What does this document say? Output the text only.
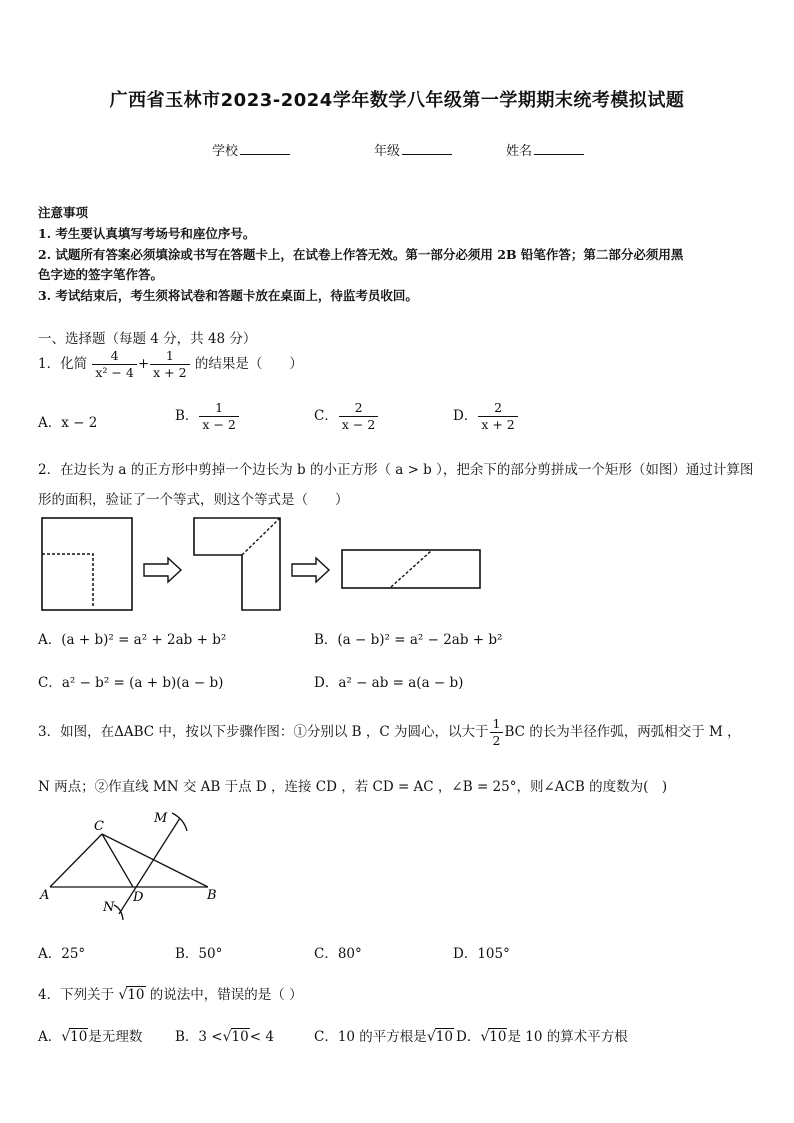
广西省玉林市2023-2024学年数学八年级第一学期期末统考模拟试题
学校	年级	姓名
注意事项
1. 考生要认真填写考场号和座位序号。
2. 试题所有答案必须填涂或书写在答题卡上，在试卷上作答无效。第一部分必须用 2B 铅笔作答；第二部分必须用黑
色字迹的签字笔作答。
3. 考试结束后，考生须将试卷和答题卡放在桌面上，待监考员收回。
一、选择题（每题 4 分，共 48 分）
1．化简 $\frac{4}{\text{x² − 4}} + \frac{1}{x + 2}$ 的结果是（　　）
A．x − 2	B． $\frac{1}{x - 2}$	C． $\frac{2}{x - 2}$	D． $\frac{2}{x + 2}$
2．在边长为 a 的正方形中剪掉一个边长为 b 的小正方形（ a > b ），把余下的部分剪拼成一个矩形（如图）通过计算图
形的面积，验证了一个等式，则这个等式是（　　）
A．(a + b)² = a² + 2ab + b²	B．(a − b)² = a² − 2ab + b²
C．a² − b² = (a + b)(a − b)	D．a² − ab = a(a − b)
3．如图，在ΔABC 中，按以下步骤作图：①分别以 B ，C 为圆心，以大于 $\frac{1}{2}$ BC 的长为半径作弧，两弧相交于 M ，
N 两点；②作直线 MN 交 AB 于点 D ，连接 CD ，若 CD = AC ，∠B = 25°，则∠ACB 的度数为(　)
A	B
C
D
M
N
A．25°	B．50°	C．80°	D．105°
4．下列关于 √10 的说法中，错误的是（ ）
A．√10是无理数 B．3 <√10< 4	C．10 的平方根是√10 D．√10是 10 的算术平方根
